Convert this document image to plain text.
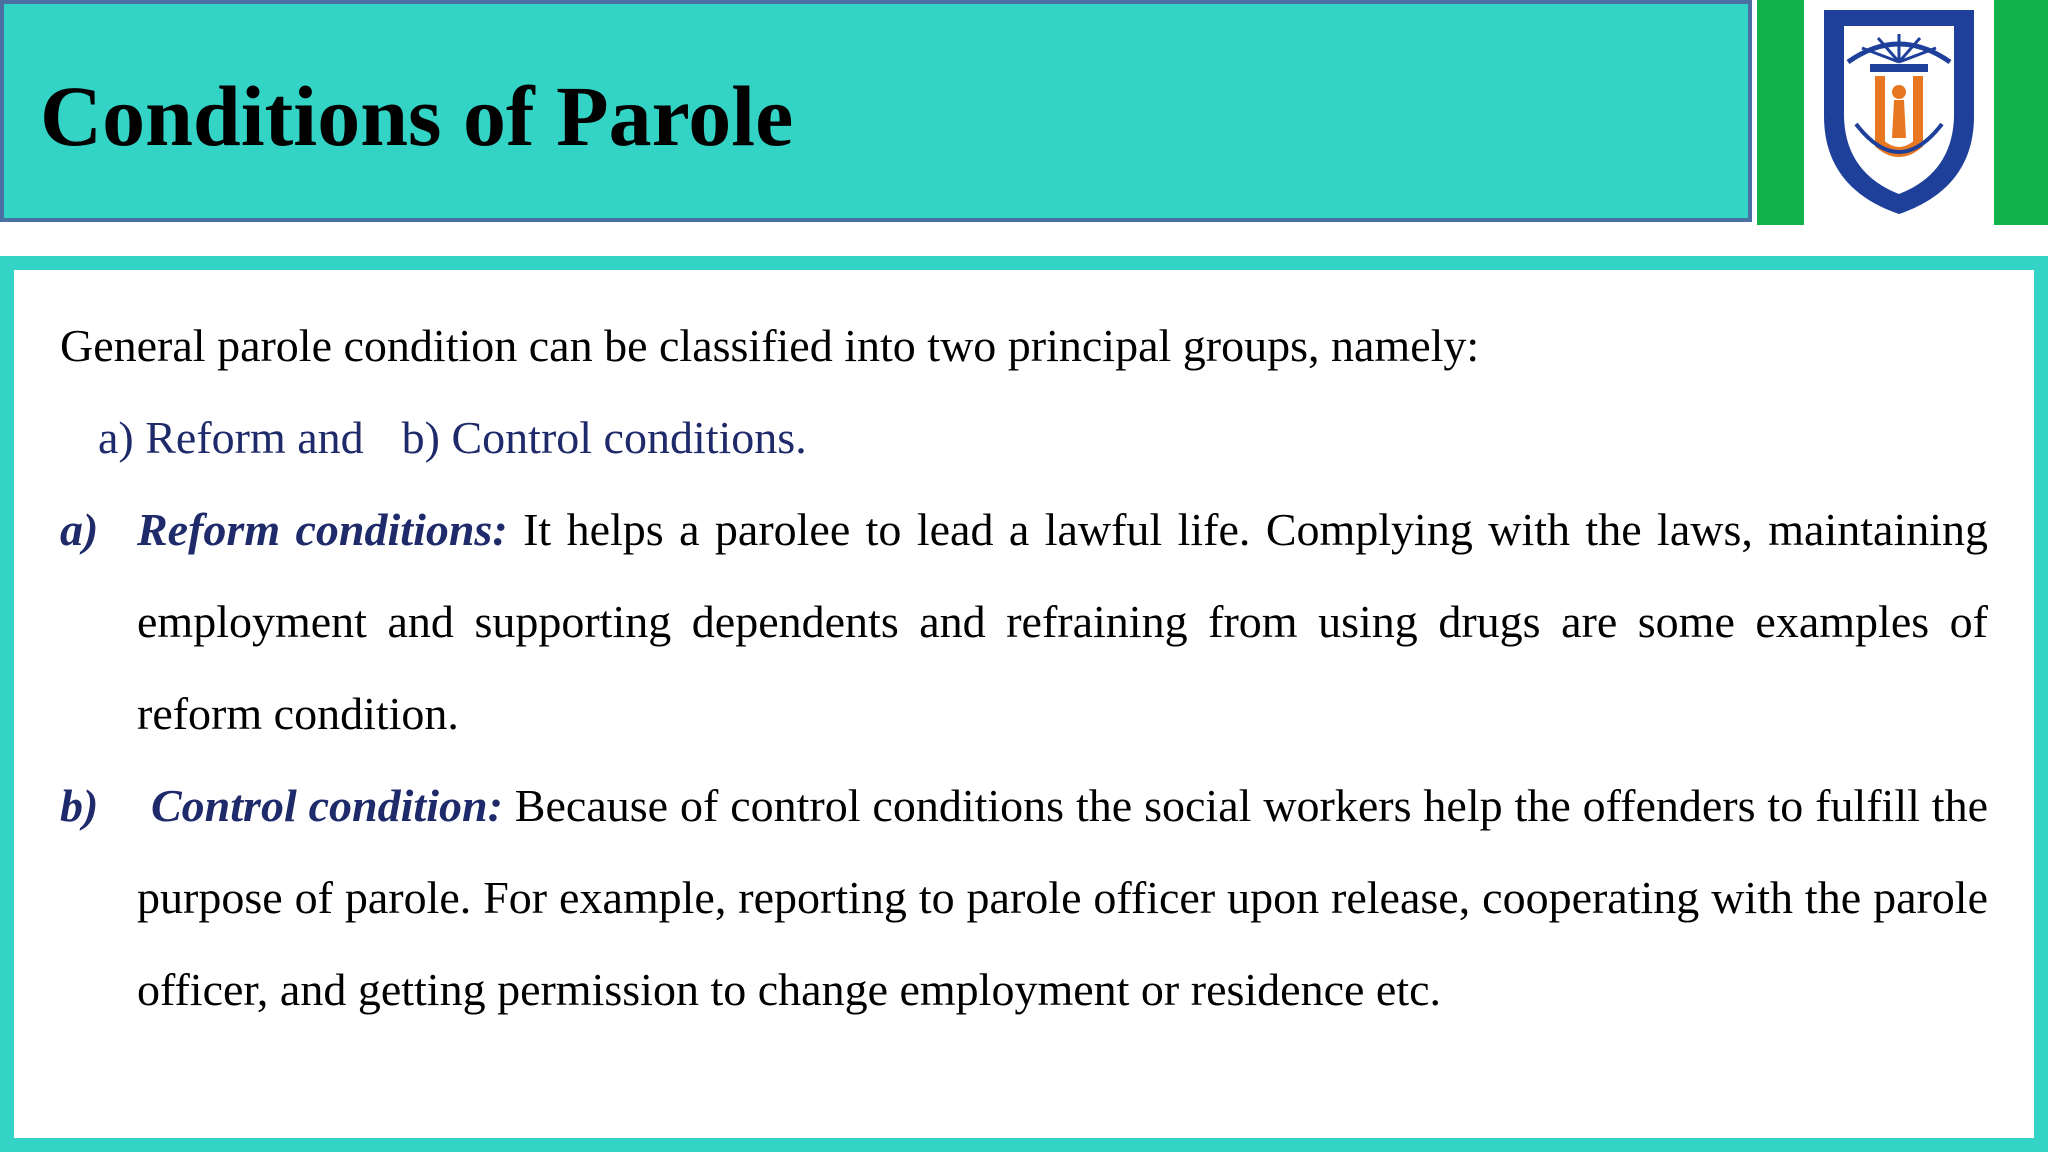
Conditions of Parole
General parole condition can be classified into two principal groups, namely:
a) Reform and b) Control conditions.
a) Reform conditions: It helps a parolee to lead a lawful life. Complying with the laws, maintaining employment and supporting dependents and refraining from using drugs are some examples of reform condition.
b)	Control condition: Because of control conditions the social workers help the offenders to fulfill the purpose of parole. For example, reporting to parole officer upon release, cooperating with the parole officer, and getting permission to change employment or residence etc.
